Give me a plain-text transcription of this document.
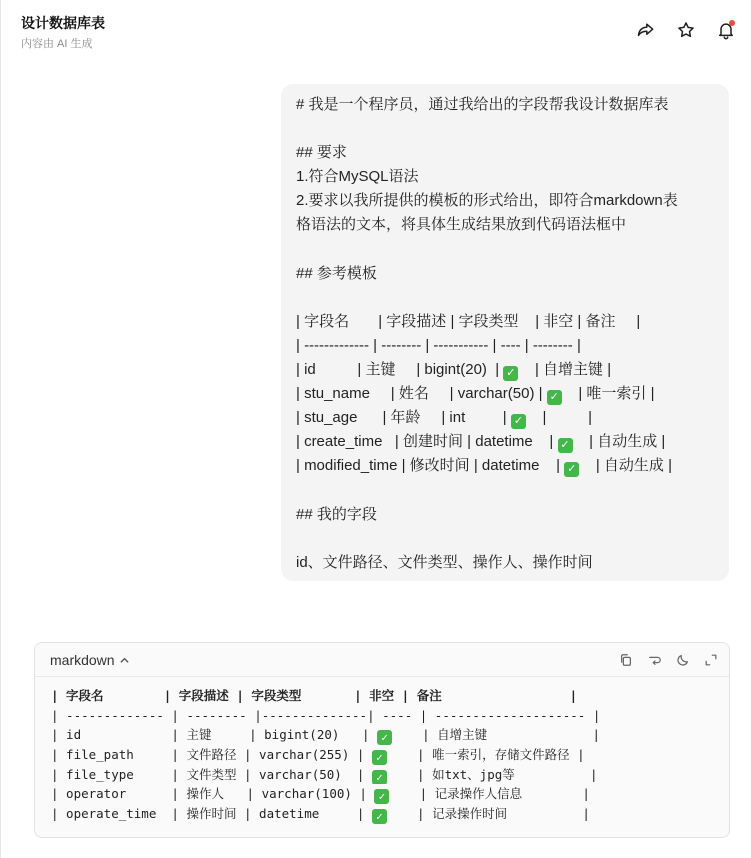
设计数据库表
内容由 AI 生成
# 我是一个程序员，通过我给出的字段帮我设计数据库表
## 要求
1.符合MySQL语法
2.要求以我所提供的模板的形式给出，即符合markdown表
格语法的文本，将具体生成结果放到代码语法框中
## 参考模板
| 字段名       | 字段描述 | 字段类型    | 非空 | 备注     |
| ------------- | -------- | ----------- | ---- | -------- |
| id          | 主键     | bigint(20)  | ✓    | 自增主键 |
| stu_name     | 姓名     | varchar(50) | ✓    | 唯一索引 |
| stu_age      | 年龄     | int         | ✓    |          |
| create_time   | 创建时间 | datetime    | ✓    | 自动生成 |
| modified_time | 修改时间 | datetime    | ✓    | 自动生成 |
## 我的字段
id、文件路径、文件类型、操作人、操作时间
markdown
| 字段名        | 字段描述 | 字段类型       | 非空 | 备注                 |
| ------------- | -------- |--------------| ---- | -------------------- |
| id            | 主键     | bigint(20)   | ✓    | 自增主键              |
| file_path     | 文件路径 | varchar(255) | ✓    | 唯一索引，存储文件路径 |
| file_type     | 文件类型 | varchar(50)  | ✓    | 如txt、jpg等          |
| operator      | 操作人   | varchar(100) | ✓    | 记录操作人信息        |
| operate_time  | 操作时间 | datetime     | ✓    | 记录操作时间          |
